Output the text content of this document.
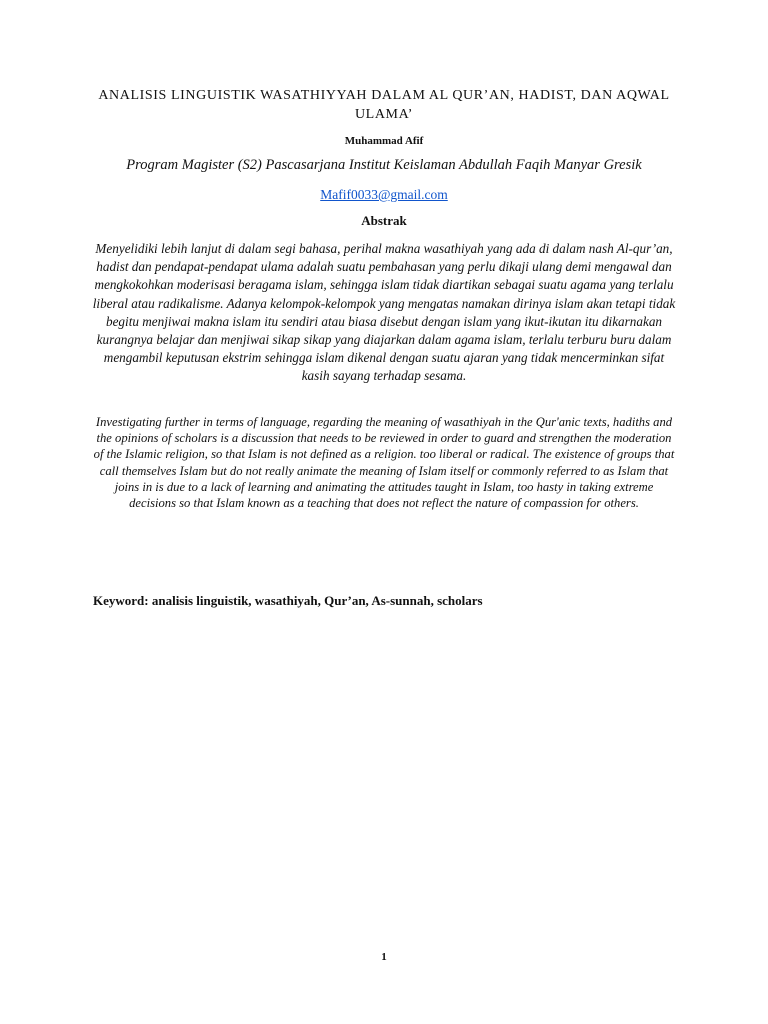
ANALISIS LINGUISTIK WASATHIYYAH DALAM AL QUR’AN, HADIST, DAN AQWAL ULAMA’
Muhammad Afif
Program Magister (S2) Pascasarjana Institut Keislaman Abdullah Faqih Manyar Gresik
Mafif0033@gmail.com
Abstrak

Menyelidiki lebih lanjut di dalam segi bahasa, perihal makna wasathiyah yang ada di dalam nash Al-qur’an, hadist dan pendapat-pendapat ulama adalah suatu pembahasan yang perlu dikaji ulang demi mengawal dan mengkokohkan moderisasi beragama islam, sehingga islam tidak diartikan sebagai suatu agama yang terlalu liberal atau radikalisme. Adanya kelompok-kelompok yang mengatas namakan dirinya islam akan tetapi tidak begitu menjiwai makna islam itu sendiri atau biasa disebut dengan islam yang ikut-ikutan itu dikarnakan kurangnya belajar dan menjiwai sikap sikap yang diajarkan dalam agama islam, terlalu terburu buru dalam mengambil keputusan ekstrim sehingga islam dikenal dengan suatu ajaran yang tidak mencerminkan sifat kasih sayang terhadap sesama.

Investigating further in terms of language, regarding the meaning of wasathiyah in the Qur'anic texts, hadiths and the opinions of scholars is a discussion that needs to be reviewed in order to guard and strengthen the moderation of the Islamic religion, so that Islam is not defined as a religion. too liberal or radical. The existence of groups that call themselves Islam but do not really animate the meaning of Islam itself or commonly referred to as Islam that joins in is due to a lack of learning and animating the attitudes taught in Islam, too hasty in taking extreme decisions so that Islam known as a teaching that does not reflect the nature of compassion for others.

Keyword: analisis linguistik, wasathiyah, Qur’an, As-sunnah, scholars
1
